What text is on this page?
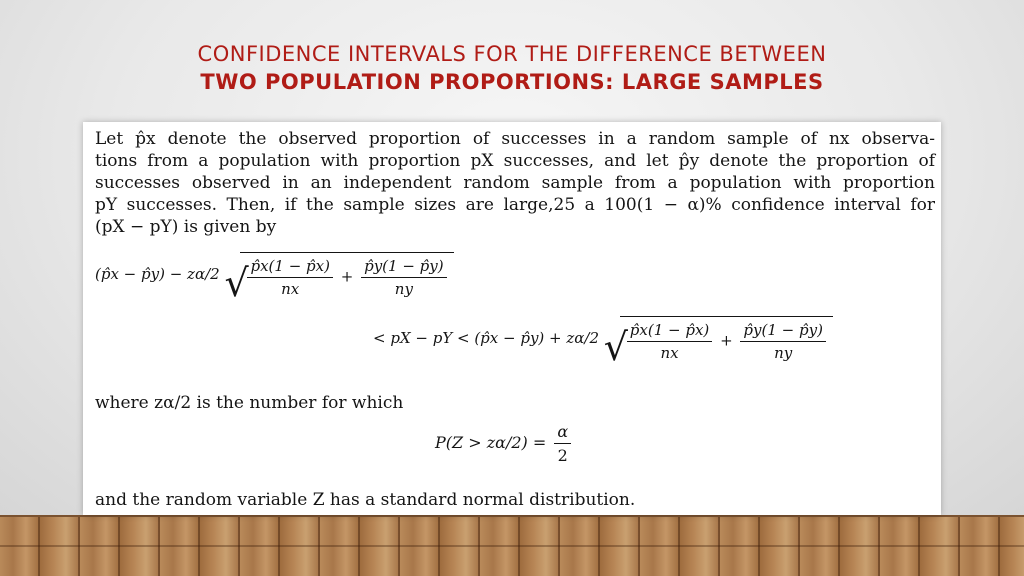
CONFIDENCE INTERVALS FOR THE DIFFERENCE BETWEEN
TWO POPULATION PROPORTIONS: LARGE SAMPLES
Let p̂x denote the observed proportion of successes in a random sample of nx observa-
tions from a population with proportion pX successes, and let p̂y denote the proportion of
successes observed in an independent random sample from a population with proportion
pY successes. Then, if the sample sizes are large,25 a 100(1 − α)% confidence interval for
(pX − pY) is given by
(p̂x − p̂y) − zα/2 √
$\frac{p̂x(1 - p̂x)}{nx} + \frac{p̂y(1 - p̂y)}{ny}$
< pX − pY < (p̂x − p̂y) + zα/2 √
$\frac{p̂x(1 - p̂x)}{nx} + \frac{p̂y(1 - p̂y)}{ny}$
where zα/2 is the number for which
$P(Z > z\alpha/2) = \frac{\alpha}{2}$
and the random variable Z has a standard normal distribution.
